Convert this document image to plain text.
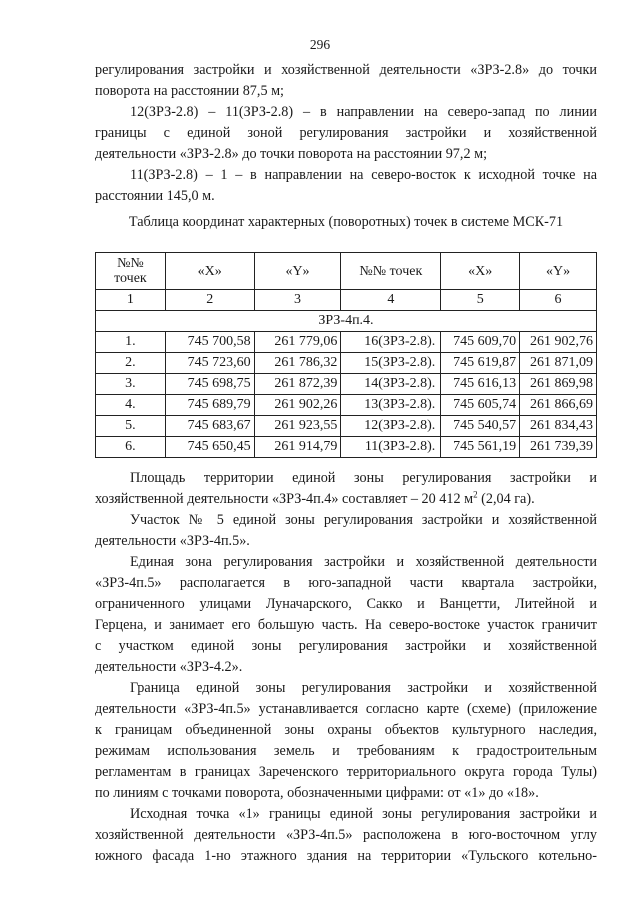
296
регулирования застройки и хозяйственной деятельности «ЗРЗ-2.8» до точки
поворота на расстоянии 87,5 м;
12(ЗРЗ-2.8) – 11(ЗРЗ-2.8) – в направлении на северо-запад по линии
границы с единой зоной регулирования застройки и хозяйственной
деятельности «ЗРЗ-2.8» до точки поворота на расстоянии 97,2 м;
11(ЗРЗ-2.8) – 1 – в направлении на северо-восток к исходной точке на
расстоянии 145,0 м.
Таблица координат характерных (поворотных) точек в системе МСК-71
№№ точек	«X»	«Y»	№№ точек	«X»	«Y»
1	2	3	4	5	6
ЗРЗ-4п.4.					
1.	745 700,58	261 779,06	16(ЗРЗ-2.8).	745 609,70	261 902,76
2.	745 723,60	261 786,32	15(ЗРЗ-2.8).	745 619,87	261 871,09
3.	745 698,75	261 872,39	14(ЗРЗ-2.8).	745 616,13	261 869,98
4.	745 689,79	261 902,26	13(ЗРЗ-2.8).	745 605,74	261 866,69
5.	745 683,67	261 923,55	12(ЗРЗ-2.8).	745 540,57	261 834,43
6.	745 650,45	261 914,79	11(ЗРЗ-2.8).	745 561,19	261 739,39
Площадь территории единой зоны регулирования застройки и
хозяйственной деятельности «ЗРЗ-4п.4» составляет – 20 412 $м^2$ (2,04 га).
Участок № 5 единой зоны регулирования застройки и хозяйственной
деятельности «ЗРЗ-4п.5».
Единая зона регулирования застройки и хозяйственной деятельности
«ЗРЗ-4п.5» располагается в юго-западной части квартала застройки,
ограниченного улицами Луначарского, Сакко и Ванцетти, Литейной и
Герцена, и занимает его большую часть. На северо-востоке участок граничит
с участком единой зоны регулирования застройки и хозяйственной
деятельности «ЗРЗ-4.2».
Граница единой зоны регулирования застройки и хозяйственной
деятельности «ЗРЗ-4п.5» устанавливается согласно карте (схеме) (приложение
к границам объединенной зоны охраны объектов культурного наследия,
режимам использования земель и требованиям к градостроительным
регламентам в границах Зареченского территориального округа города Тулы)
по линиям с точками поворота, обозначенными цифрами: от «1» до «18».
Исходная точка «1» границы единой зоны регулирования застройки и
хозяйственной деятельности «ЗРЗ-4п.5» расположена в юго-восточном углу
южного фасада 1-но этажного здания на территории «Тульского котельно-
